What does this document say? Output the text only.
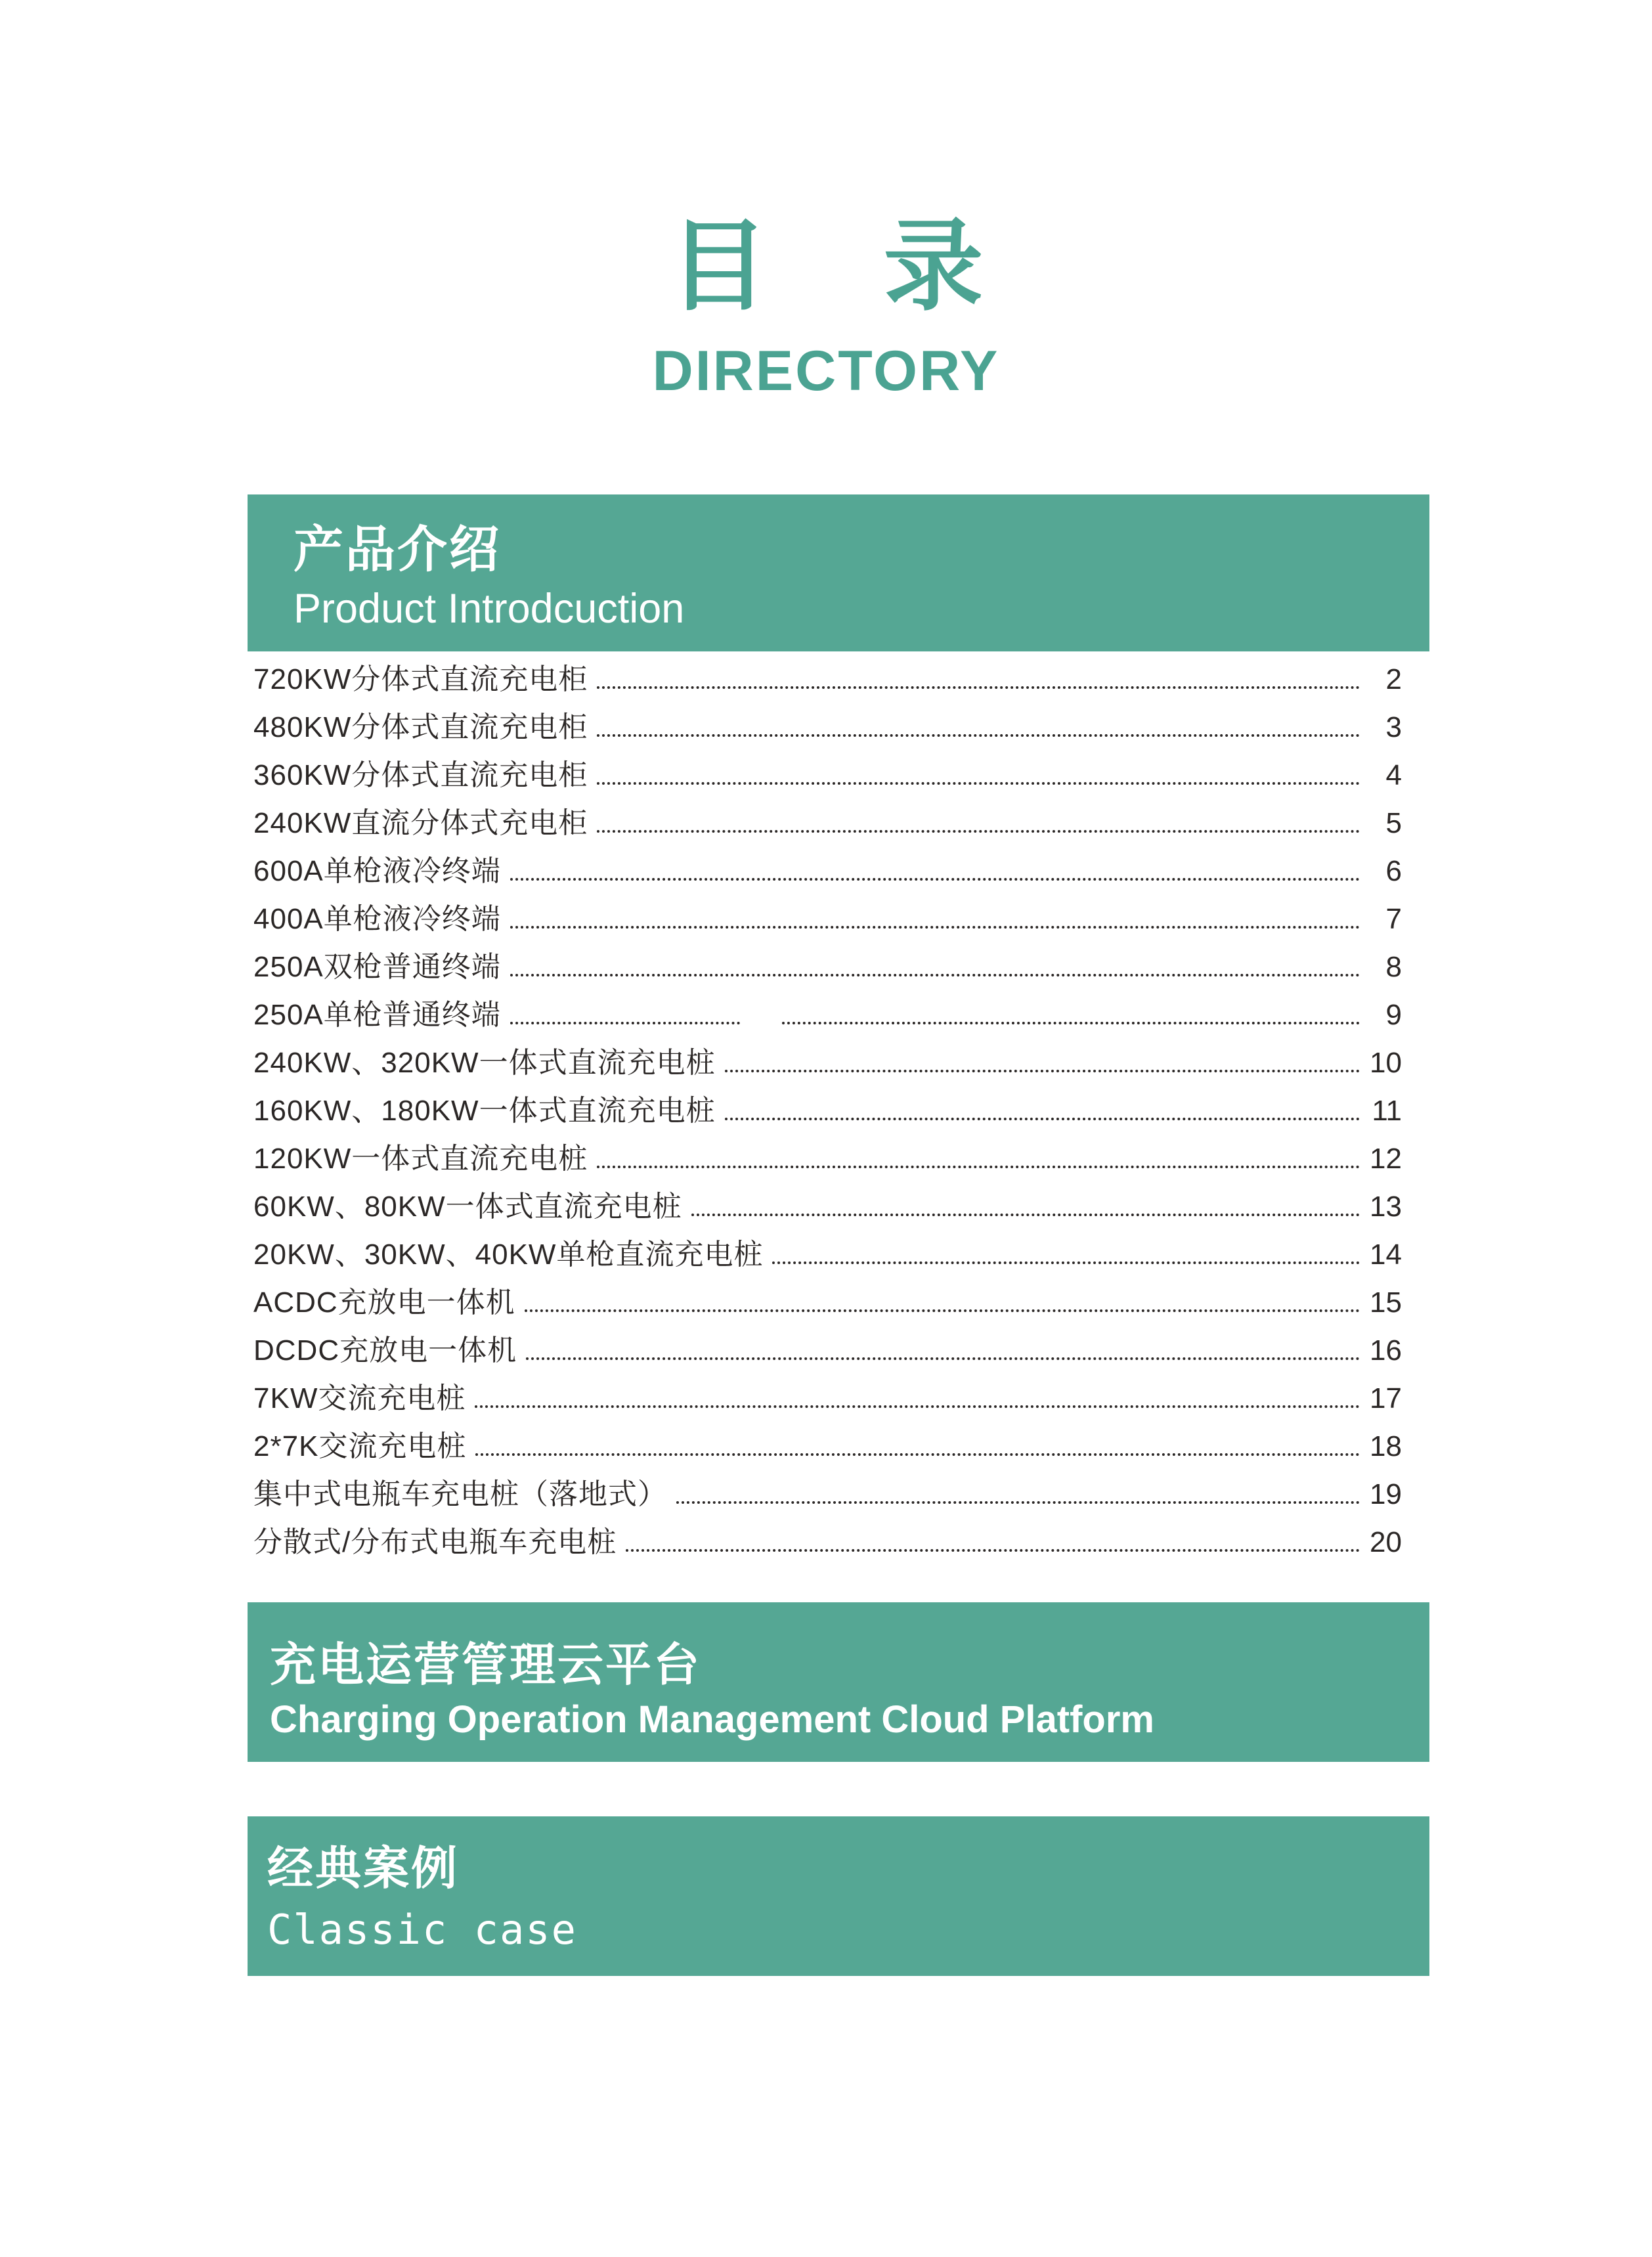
目 录
DIRECTORY
产品介绍
Product Introdcuction
720KW分体式直流充电柜	2
480KW分体式直流充电柜	3
360KW分体式直流充电柜	4
240KW直流分体式充电柜	5
600A单枪液冷终端	6
400A单枪液冷终端	7
250A双枪普通终端	8
250A单枪普通终端	9
240KW、320KW一体式直流充电桩	10
160KW、180KW一体式直流充电桩	11
120KW一体式直流充电桩	12
60KW、80KW一体式直流充电桩	13
20KW、30KW、40KW单枪直流充电桩	14
ACDC充放电一体机	15
DCDC充放电一体机	16
7KW交流充电桩	17
2*7K交流充电桩	18
集中式电瓶车充电桩（落地式）	19
分散式/分布式电瓶车充电桩	20
充电运营管理云平台
Charging Operation Management Cloud Platform
经典案例
Classic case
